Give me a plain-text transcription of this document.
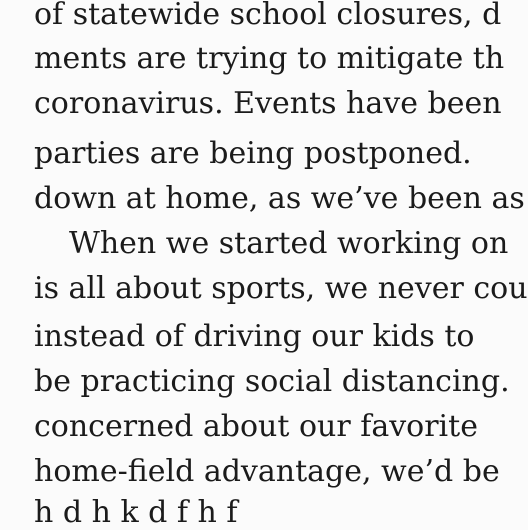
of statewide school closures, d
ments are trying to mitigate th
coronavirus. Events have been
parties are being postponed.
down at home, as we’ve been as
When we started working on
is all about sports, we never cou
instead of driving our kids to
be practicing social distancing.
concerned about our favorite
home-field advantage, we’d be
h d h k d f h f
